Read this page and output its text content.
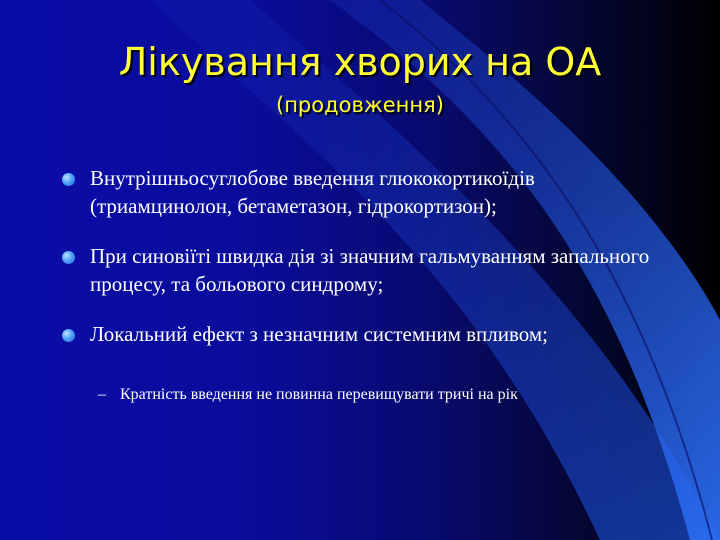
Лікування хворих на ОА
(продовження)
Внутрішньосуглобове введення глюкокортикоїдів (триамцинолон, бетаметазон, гідрокортизон);
При синовіїті швидка дія зі значним гальмуванням запального процесу, та больового синдрому;
Локальний ефект з незначним системним впливом;
– Кратність введення не повинна перевищувати тричі на рік
